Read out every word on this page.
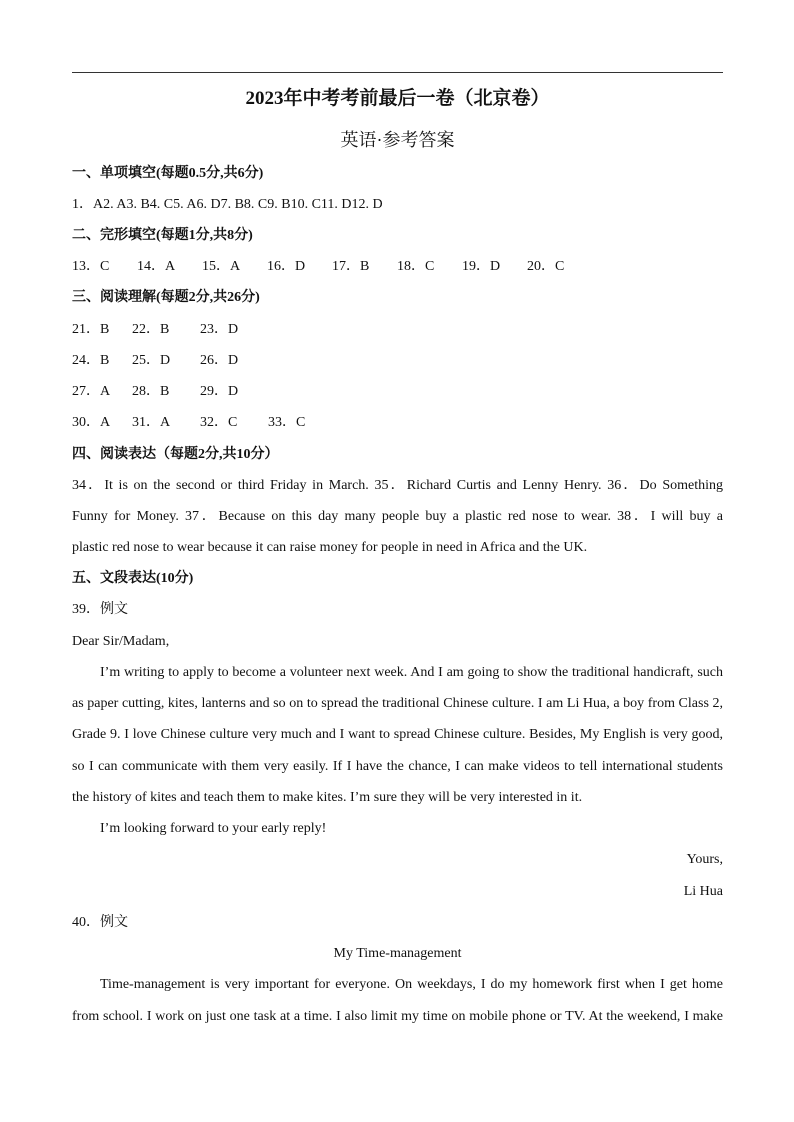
2023年中考考前最后一卷（北京卷）
英语·参考答案
一、单项填空(每题0.5分,共6分)
1．A2. A3. B4. C5. A6. D7. B8. C9. B10. C11. D12. D
二、完形填空(每题1分,共8分)
13．C 14．A 15．A 16．D 17．B 18．C 19．D 20．C
三、阅读理解(每题2分,共26分)
21．B 22．B 23．D
24．B 25．D 26．D
27．A 28．B 29．D
30．A 31．A 32．C 33．C
四、阅读表达（每题2分,共10分）
34．It is on the second or third Friday in March. 35．Richard Curtis and Lenny Henry. 36．Do Something
Funny for Money. 37．Because on this day many people buy a plastic red nose to wear. 38．I will buy a
plastic red nose to wear because it can raise money for people in need in Africa and the UK.
五、文段表达(10分)
39．例文
Dear Sir/Madam,
I’m writing to apply to become a volunteer next week. And I am going to show the traditional handicraft, such
as paper cutting, kites, lanterns and so on to spread the traditional Chinese culture. I am Li Hua, a boy from Class 2,
Grade 9. I love Chinese culture very much and I want to spread Chinese culture. Besides, My English is very good,
so I can communicate with them very easily. If I have the chance, I can make videos to tell international students
the history of kites and teach them to make kites. I’m sure they will be very interested in it.
I’m looking forward to your early reply!
Yours,
Li Hua
40．例文
My Time-management
Time-management is very important for everyone. On weekdays, I do my homework first when I get home
from school. I work on just one task at a time. I also limit my time on mobile phone or TV. At the weekend, I make
